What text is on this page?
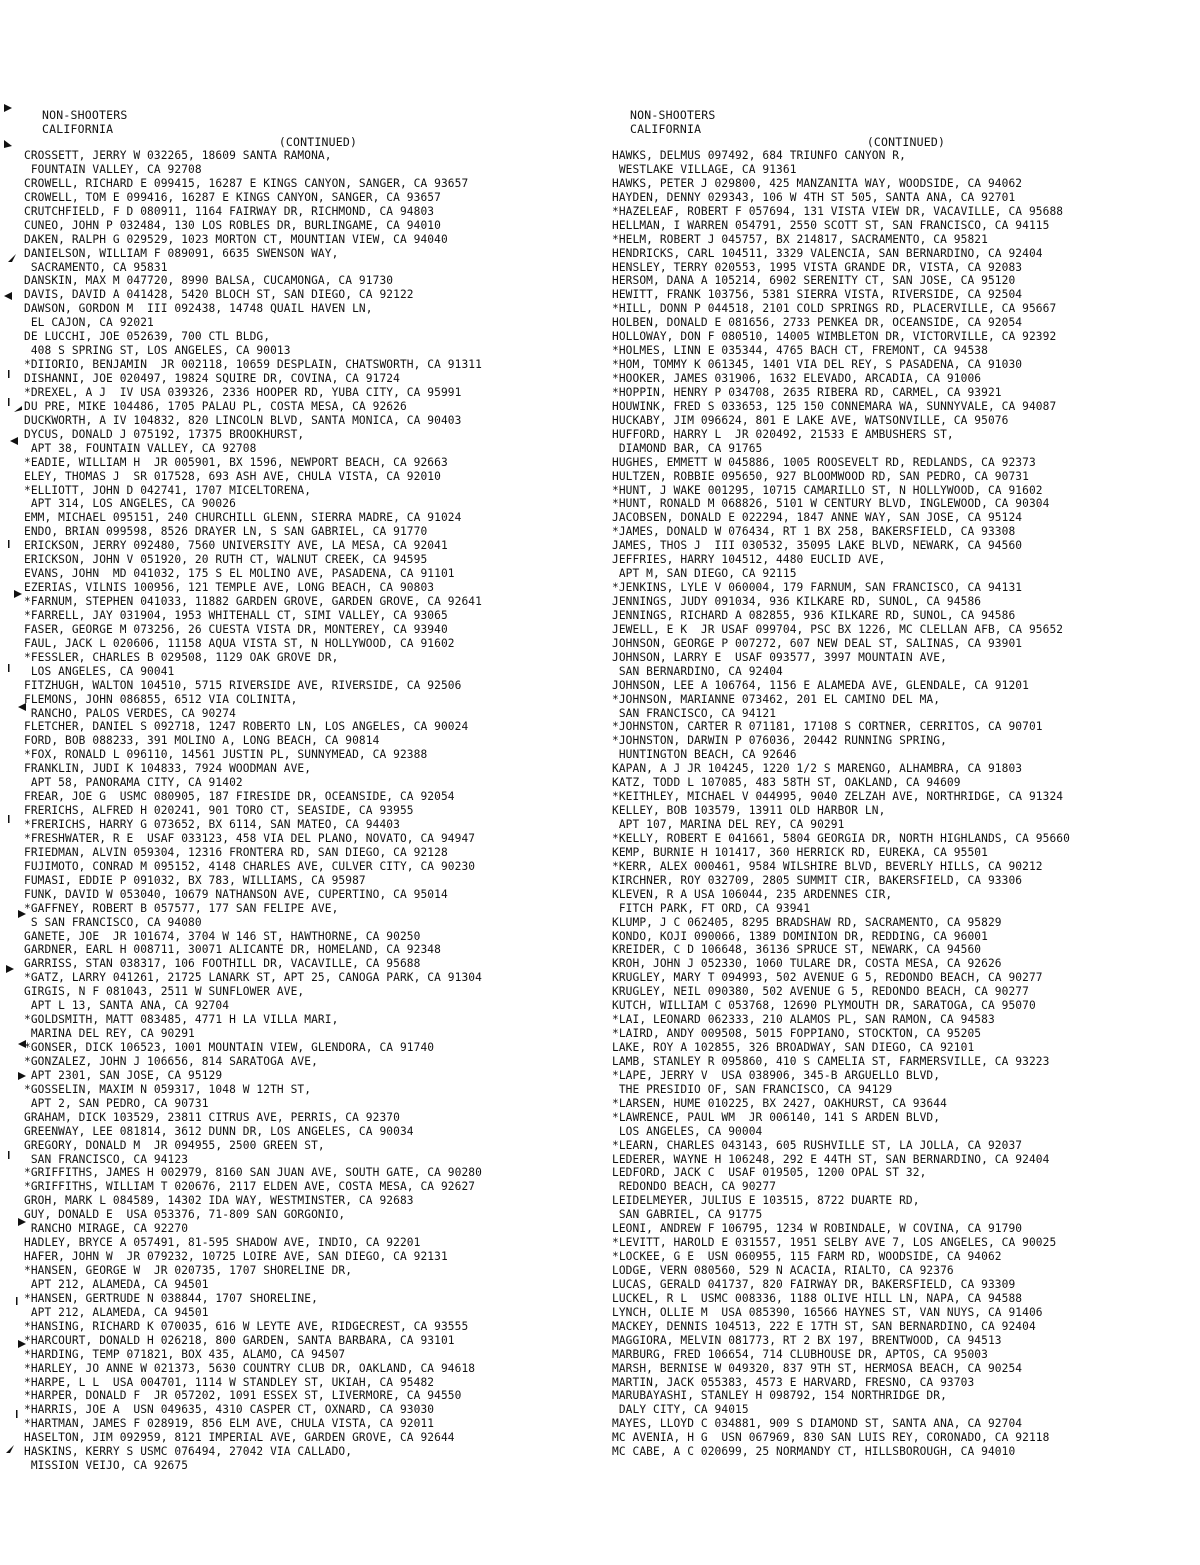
NON-SHOOTERS
CALIFORNIA
(CONTINUED)
CROSSETT, JERRY W 032265, 18609 SANTA RAMONA,
FOUNTAIN VALLEY, CA 92708
CROWELL, RICHARD E 099415, 16287 E KINGS CANYON, SANGER, CA 93657
CROWELL, TOM E 099416, 16287 E KINGS CANYON, SANGER, CA 93657
CRUTCHFIELD, F D 080911, 1164 FAIRWAY DR, RICHMOND, CA 94803
CUNEO, JOHN P 032484, 130 LOS ROBLES DR, BURLINGAME, CA 94010
DAKEN, RALPH G 029529, 1023 MORTON CT, MOUNTIAN VIEW, CA 94040
DANIELSON, WILLIAM F 089091, 6635 SWENSON WAY,
SACRAMENTO, CA 95831
DANSKIN, MAX M 047720, 8990 BALSA, CUCAMONGA, CA 91730
DAVIS, DAVID A 041428, 5420 BLOCH ST, SAN DIEGO, CA 92122
DAWSON, GORDON M  III 092438, 14748 QUAIL HAVEN LN,
EL CAJON, CA 92021
DE LUCCHI, JOE 052639, 700 CTL BLDG,
408 S SPRING ST, LOS ANGELES, CA 90013
*DIIORIO, BENJAMIN  JR 002118, 10659 DESPLAIN, CHATSWORTH, CA 91311
DISHANNI, JOE 020497, 19824 SQUIRE DR, COVINA, CA 91724
*DREXEL, A J  IV USA 039326, 2336 HOOPER RD, YUBA CITY, CA 95991
DU PRE, MIKE 104486, 1705 PALAU PL, COSTA MESA, CA 92626
DUCKWORTH, A IV 104832, 820 LINCOLN BLVD, SANTA MONICA, CA 90403
DYCUS, DONALD J 075192, 17375 BROOKHURST,
APT 38, FOUNTAIN VALLEY, CA 92708
*EADIE, WILLIAM H  JR 005901, BX 1596, NEWPORT BEACH, CA 92663
ELEY, THOMAS J  SR 017528, 693 ASH AVE, CHULA VISTA, CA 92010
*ELLIOTT, JOHN D 042741, 1707 MICELTORENA,
APT 314, LOS ANGELES, CA 90026
EMM, MICHAEL 095151, 240 CHURCHILL GLENN, SIERRA MADRE, CA 91024
ENDO, BRIAN 099598, 8526 DRAYER LN, S SAN GABRIEL, CA 91770
ERICKSON, JERRY 092480, 7560 UNIVERSITY AVE, LA MESA, CA 92041
ERICKSON, JOHN V 051920, 20 RUTH CT, WALNUT CREEK, CA 94595
EVANS, JOHN  MD 041032, 175 S EL MOLINO AVE, PASADENA, CA 91101
EZERIAS, VILNIS 100956, 121 TEMPLE AVE, LONG BEACH, CA 90803
*FARNUM, STEPHEN 041033, 11882 GARDEN GROVE, GARDEN GROVE, CA 92641
*FARRELL, JAY 031904, 1953 WHITEHALL CT, SIMI VALLEY, CA 93065
FASER, GEORGE M 073256, 26 CUESTA VISTA DR, MONTEREY, CA 93940
FAUL, JACK L 020606, 11158 AQUA VISTA ST, N HOLLYWOOD, CA 91602
*FESSLER, CHARLES B 029508, 1129 OAK GROVE DR,
LOS ANGELES, CA 90041
FITZHUGH, WALTON 104510, 5715 RIVERSIDE AVE, RIVERSIDE, CA 92506
FLEMONS, JOHN 086855, 6512 VIA COLINITA,
RANCHO, PALOS VERDES, CA 90274
FLETCHER, DANIEL S 092718, 1247 ROBERTO LN, LOS ANGELES, CA 90024
FORD, BOB 088233, 391 MOLINO A, LONG BEACH, CA 90814
*FOX, RONALD L 096110, 14561 JUSTIN PL, SUNNYMEAD, CA 92388
FRANKLIN, JUDI K 104833, 7924 WOODMAN AVE,
APT 58, PANORAMA CITY, CA 91402
FREAR, JOE G  USMC 080905, 187 FIRESIDE DR, OCEANSIDE, CA 92054
FRERICHS, ALFRED H 020241, 901 TORO CT, SEASIDE, CA 93955
*FRERICHS, HARRY G 073652, BX 6114, SAN MATEO, CA 94403
*FRESHWATER, R E  USAF 033123, 458 VIA DEL PLANO, NOVATO, CA 94947
FRIEDMAN, ALVIN 059304, 12316 FRONTERA RD, SAN DIEGO, CA 92128
FUJIMOTO, CONRAD M 095152, 4148 CHARLES AVE, CULVER CITY, CA 90230
FUMASI, EDDIE P 091032, BX 783, WILLIAMS, CA 95987
FUNK, DAVID W 053040, 10679 NATHANSON AVE, CUPERTINO, CA 95014
*GAFFNEY, ROBERT B 057577, 177 SAN FELIPE AVE,
S SAN FRANCISCO, CA 94080
GANETE, JOE  JR 101674, 3704 W 146 ST, HAWTHORNE, CA 90250
GARDNER, EARL H 008711, 30071 ALICANTE DR, HOMELAND, CA 92348
GARRISS, STAN 038317, 106 FOOTHILL DR, VACAVILLE, CA 95688
*GATZ, LARRY 041261, 21725 LANARK ST, APT 25, CANOGA PARK, CA 91304
GIRGIS, N F 081043, 2511 W SUNFLOWER AVE,
APT L 13, SANTA ANA, CA 92704
*GOLDSMITH, MATT 083485, 4771 H LA VILLA MARI,
MARINA DEL REY, CA 90291
*GONSER, DICK 106523, 1001 MOUNTAIN VIEW, GLENDORA, CA 91740
*GONZALEZ, JOHN J 106656, 814 SARATOGA AVE,
APT 2301, SAN JOSE, CA 95129
*GOSSELIN, MAXIM N 059317, 1048 W 12TH ST,
APT 2, SAN PEDRO, CA 90731
GRAHAM, DICK 103529, 23811 CITRUS AVE, PERRIS, CA 92370
GREENWAY, LEE 081814, 3612 DUNN DR, LOS ANGELES, CA 90034
GREGORY, DONALD M  JR 094955, 2500 GREEN ST,
SAN FRANCISCO, CA 94123
*GRIFFITHS, JAMES H 002979, 8160 SAN JUAN AVE, SOUTH GATE, CA 90280
*GRIFFITHS, WILLIAM T 020676, 2117 ELDEN AVE, COSTA MESA, CA 92627
GROH, MARK L 084589, 14302 IDA WAY, WESTMINSTER, CA 92683
GUY, DONALD E  USA 053376, 71-809 SAN GORGONIO,
RANCHO MIRAGE, CA 92270
HADLEY, BRYCE A 057491, 81-595 SHADOW AVE, INDIO, CA 92201
HAFER, JOHN W  JR 079232, 10725 LOIRE AVE, SAN DIEGO, CA 92131
*HANSEN, GEORGE W  JR 020735, 1707 SHORELINE DR,
APT 212, ALAMEDA, CA 94501
*HANSEN, GERTRUDE N 038844, 1707 SHORELINE,
APT 212, ALAMEDA, CA 94501
*HANSING, RICHARD K 070035, 616 W LEYTE AVE, RIDGECREST, CA 93555
*HARCOURT, DONALD H 026218, 800 GARDEN, SANTA BARBARA, CA 93101
*HARDING, TEMP 071821, BOX 435, ALAMO, CA 94507
*HARLEY, JO ANNE W 021373, 5630 COUNTRY CLUB DR, OAKLAND, CA 94618
*HARPE, L L  USA 004701, 1114 W STANDLEY ST, UKIAH, CA 95482
*HARPER, DONALD F  JR 057202, 1091 ESSEX ST, LIVERMORE, CA 94550
*HARRIS, JOE A  USN 049635, 4310 CASPER CT, OXNARD, CA 93030
*HARTMAN, JAMES F 028919, 856 ELM AVE, CHULA VISTA, CA 92011
HASELTON, JIM 092959, 8121 IMPERIAL AVE, GARDEN GROVE, CA 92644
HASKINS, KERRY S USMC 076494, 27042 VIA CALLADO,
MISSION VEIJO, CA 92675
NON-SHOOTERS
CALIFORNIA
(CONTINUED)
HAWKS, DELMUS 097492, 684 TRIUNFO CANYON R,
WESTLAKE VILLAGE, CA 91361
HAWKS, PETER J 029800, 425 MANZANITA WAY, WOODSIDE, CA 94062
HAYDEN, DENNY 029343, 106 W 4TH ST 505, SANTA ANA, CA 92701
*HAZELEAF, ROBERT F 057694, 131 VISTA VIEW DR, VACAVILLE, CA 95688
HELLMAN, I WARREN 054791, 2550 SCOTT ST, SAN FRANCISCO, CA 94115
*HELM, ROBERT J 045757, BX 214817, SACRAMENTO, CA 95821
HENDRICKS, CARL 104511, 3329 VALENCIA, SAN BERNARDINO, CA 92404
HENSLEY, TERRY 020553, 1995 VISTA GRANDE DR, VISTA, CA 92083
HERSOM, DANA A 105214, 6902 SERENITY CT, SAN JOSE, CA 95120
HEWITT, FRANK 103756, 5381 SIERRA VISTA, RIVERSIDE, CA 92504
*HILL, DONN P 044518, 2101 COLD SPRINGS RD, PLACERVILLE, CA 95667
HOLBEN, DONALD E 081656, 2733 PENKEA DR, OCEANSIDE, CA 92054
HOLLOWAY, DON F 080510, 14005 WIMBLETON DR, VICTORVILLE, CA 92392
*HOLMES, LINN E 035344, 4765 BACH CT, FREMONT, CA 94538
*HOM, TOMMY K 061345, 1401 VIA DEL REY, S PASADENA, CA 91030
*HOOKER, JAMES 031906, 1632 ELEVADO, ARCADIA, CA 91006
*HOPPIN, HENRY P 034708, 2635 RIBERA RD, CARMEL, CA 93921
HOUWINK, FRED S 033653, 125 150 CONNEMARA WA, SUNNYVALE, CA 94087
HUCKABY, JIM 096624, 801 E LAKE AVE, WATSONVILLE, CA 95076
HUFFORD, HARRY L  JR 020492, 21533 E AMBUSHERS ST,
DIAMOND BAR, CA 91765
HUGHES, EMMETT W 045886, 1005 ROOSEVELT RD, REDLANDS, CA 92373
HULTZEN, ROBBIE 095650, 927 BLOOMWOOD RD, SAN PEDRO, CA 90731
*HUNT, J WAKE 001295, 10715 CAMARILLO ST, N HOLLYWOOD, CA 91602
*HUNT, RONALD M 068826, 5101 W CENTURY BLVD, INGLEWOOD, CA 90304
JACOBSEN, DONALD E 022294, 1847 ANNE WAY, SAN JOSE, CA 95124
*JAMES, DONALD W 076434, RT 1 BX 258, BAKERSFIELD, CA 93308
JAMES, THOS J  III 030532, 35095 LAKE BLVD, NEWARK, CA 94560
JEFFRIES, HARRY 104512, 4480 EUCLID AVE,
APT M, SAN DIEGO, CA 92115
*JENKINS, LYLE V 060004, 179 FARNUM, SAN FRANCISCO, CA 94131
JENNINGS, JUDY 091034, 936 KILKARE RD, SUNOL, CA 94586
JENNINGS, RICHARD A 082855, 936 KILKARE RD, SUNOL, CA 94586
JEWELL, E K  JR USAF 099704, PSC BX 1226, MC CLELLAN AFB, CA 95652
JOHNSON, GEORGE P 007272, 607 NEW DEAL ST, SALINAS, CA 93901
JOHNSON, LARRY E  USAF 093577, 3997 MOUNTAIN AVE,
SAN BERNARDINO, CA 92404
JOHNSON, LEE A 106764, 1156 E ALAMEDA AVE, GLENDALE, CA 91201
*JOHNSON, MARIANNE 073462, 201 EL CAMINO DEL MA,
SAN FRANCISCO, CA 94121
*JOHNSTON, CARTER R 071181, 17108 S CORTNER, CERRITOS, CA 90701
*JOHNSTON, DARWIN P 076036, 20442 RUNNING SPRING,
HUNTINGTON BEACH, CA 92646
KAPAN, A J JR 104245, 1220 1/2 S MARENGO, ALHAMBRA, CA 91803
KATZ, TODD L 107085, 483 58TH ST, OAKLAND, CA 94609
*KEITHLEY, MICHAEL V 044995, 9040 ZELZAH AVE, NORTHRIDGE, CA 91324
KELLEY, BOB 103579, 13911 OLD HARBOR LN,
APT 107, MARINA DEL REY, CA 90291
*KELLY, ROBERT E 041661, 5804 GEORGIA DR, NORTH HIGHLANDS, CA 95660
KEMP, BURNIE H 101417, 360 HERRICK RD, EUREKA, CA 95501
*KERR, ALEX 000461, 9584 WILSHIRE BLVD, BEVERLY HILLS, CA 90212
KIRCHNER, ROY 032709, 2805 SUMMIT CIR, BAKERSFIELD, CA 93306
KLEVEN, R A USA 106044, 235 ARDENNES CIR,
FITCH PARK, FT ORD, CA 93941
KLUMP, J C 062405, 8295 BRADSHAW RD, SACRAMENTO, CA 95829
KONDO, KOJI 090066, 1389 DOMINION DR, REDDING, CA 96001
KREIDER, C D 106648, 36136 SPRUCE ST, NEWARK, CA 94560
KROH, JOHN J 052330, 1060 TULARE DR, COSTA MESA, CA 92626
KRUGLEY, MARY T 094993, 502 AVENUE G 5, REDONDO BEACH, CA 90277
KRUGLEY, NEIL 090380, 502 AVENUE G 5, REDONDO BEACH, CA 90277
KUTCH, WILLIAM C 053768, 12690 PLYMOUTH DR, SARATOGA, CA 95070
*LAI, LEONARD 062333, 210 ALAMOS PL, SAN RAMON, CA 94583
*LAIRD, ANDY 009508, 5015 FOPPIANO, STOCKTON, CA 95205
LAKE, ROY A 102855, 326 BROADWAY, SAN DIEGO, CA 92101
LAMB, STANLEY R 095860, 410 S CAMELIA ST, FARMERSVILLE, CA 93223
*LAPE, JERRY V  USA 038906, 345-B ARGUELLO BLVD,
THE PRESIDIO OF, SAN FRANCISCO, CA 94129
*LARSEN, HUME 010225, BX 2427, OAKHURST, CA 93644
*LAWRENCE, PAUL WM  JR 006140, 141 S ARDEN BLVD,
LOS ANGELES, CA 90004
*LEARN, CHARLES 043143, 605 RUSHVILLE ST, LA JOLLA, CA 92037
LEDERER, WAYNE H 106248, 292 E 44TH ST, SAN BERNARDINO, CA 92404
LEDFORD, JACK C  USAF 019505, 1200 OPAL ST 32,
REDONDO BEACH, CA 90277
LEIDELMEYER, JULIUS E 103515, 8722 DUARTE RD,
SAN GABRIEL, CA 91775
LEONI, ANDREW F 106795, 1234 W ROBINDALE, W COVINA, CA 91790
*LEVITT, HAROLD E 031557, 1951 SELBY AVE 7, LOS ANGELES, CA 90025
*LOCKEE, G E  USN 060955, 115 FARM RD, WOODSIDE, CA 94062
LODGE, VERN 080560, 529 N ACACIA, RIALTO, CA 92376
LUCAS, GERALD 041737, 820 FAIRWAY DR, BAKERSFIELD, CA 93309
LUCKEL, R L  USMC 008336, 1188 OLIVE HILL LN, NAPA, CA 94588
LYNCH, OLLIE M  USA 085390, 16566 HAYNES ST, VAN NUYS, CA 91406
MACKEY, DENNIS 104513, 222 E 17TH ST, SAN BERNARDINO, CA 92404
MAGGIORA, MELVIN 081773, RT 2 BX 197, BRENTWOOD, CA 94513
MARBURG, FRED 106654, 714 CLUBHOUSE DR, APTOS, CA 95003
MARSH, BERNISE W 049320, 837 9TH ST, HERMOSA BEACH, CA 90254
MARTIN, JACK 055383, 4573 E HARVARD, FRESNO, CA 93703
MARUBAYASHI, STANLEY H 098792, 154 NORTHRIDGE DR,
DALY CITY, CA 94015
MAYES, LLOYD C 034881, 909 S DIAMOND ST, SANTA ANA, CA 92704
MC AVENIA, H G  USN 067969, 830 SAN LUIS REY, CORONADO, CA 92118
MC CABE, A C 020699, 25 NORMANDY CT, HILLSBOROUGH, CA 94010
